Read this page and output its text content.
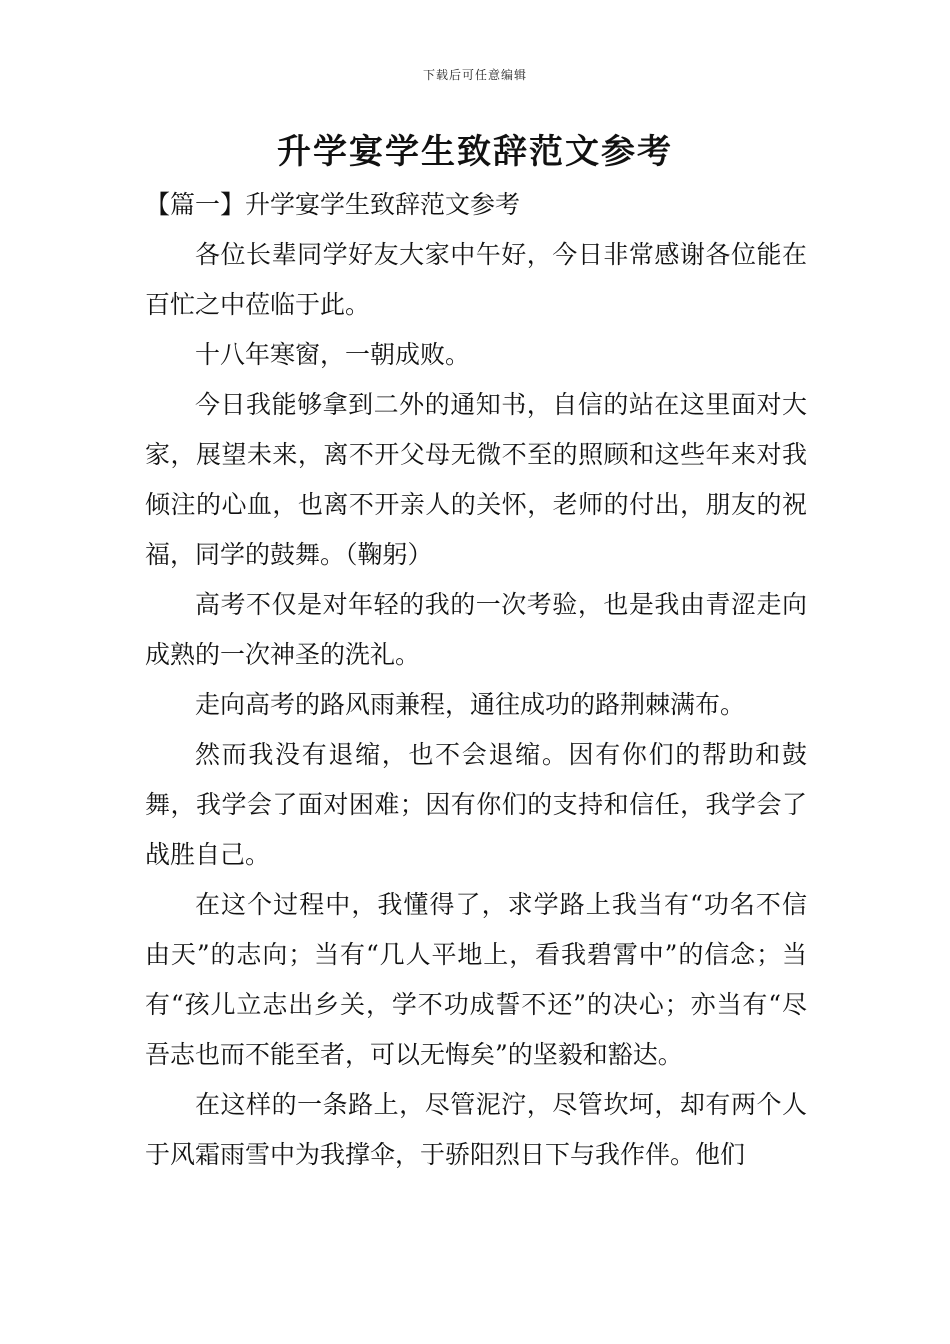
下载后可任意编辑
升学宴学生致辞范文参考

【篇一】升学宴学生致辞范文参考

各位长辈同学好友大家中午好，今日非常感谢各位能在百忙之中莅临于此。

十八年寒窗，一朝成败。

今日我能够拿到二外的通知书，自信的站在这里面对大家，展望未来，离不开父母无微不至的照顾和这些年来对我倾注的心血，也离不开亲人的关怀，老师的付出，朋友的祝福，同学的鼓舞。（鞠躬）

高考不仅是对年轻的我的一次考验，也是我由青涩走向成熟的一次神圣的洗礼。

走向高考的路风雨兼程，通往成功的路荆棘满布。

然而我没有退缩，也不会退缩。因有你们的帮助和鼓舞，我学会了面对困难；因有你们的支持和信任，我学会了战胜自己。

在这个过程中，我懂得了，求学路上我当有“功名不信由天”的志向；当有“几人平地上，看我碧霄中”的信念；当有“孩儿立志出乡关，学不功成誓不还”的决心；亦当有“尽吾志也而不能至者，可以无悔矣”的坚毅和豁达。

在这样的一条路上，尽管泥泞，尽管坎坷，却有两个人于风霜雨雪中为我撑伞，于骄阳烈日下与我作伴。他们
